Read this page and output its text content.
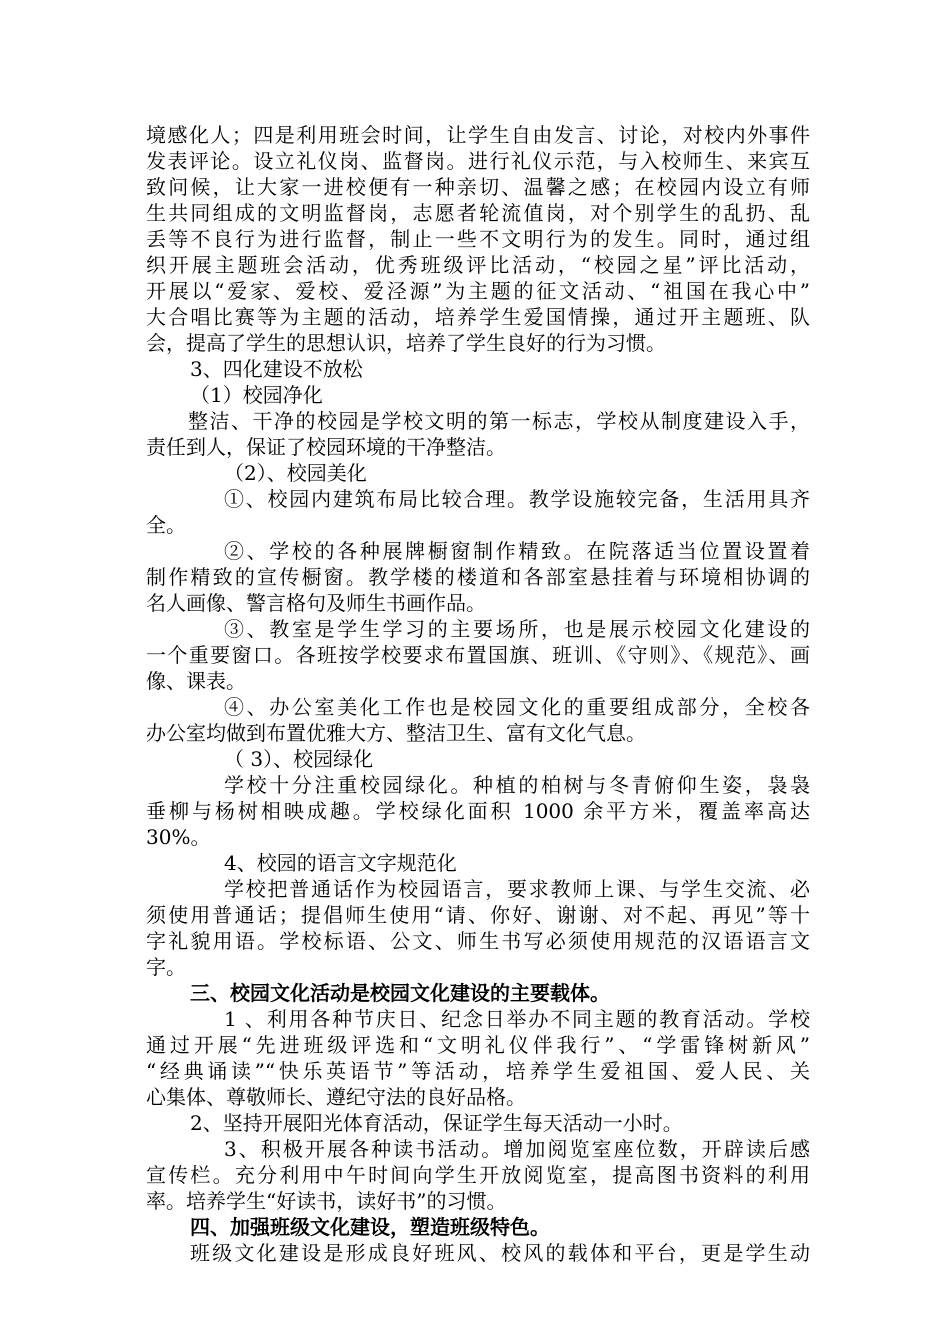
境感化人；四是利用班会时间，让学生自由发言、讨论，对校内外事件
发表评论。设立礼仪岗、监督岗。进行礼仪示范，与入校师生、来宾互
致问候，让大家一进校便有一种亲切、温馨之感；在校园内设立有师
生共同组成的文明监督岗，志愿者轮流值岗，对个别学生的乱扔、乱
丢等不良行为进行监督，制止一些不文明行为的发生。同时，通过组
织开展主题班会活动，优秀班级评比活动，“校园之星”评比活动，
开展以“爱家、爱校、爱泾源”为主题的征文活动、“祖国在我心中”
大合唱比赛等为主题的活动，培养学生爱国情操，通过开主题班、队
会，提高了学生的思想认识，培养了学生良好的行为习惯。
3、四化建设不放松
（1）校园净化
整洁、干净的校园是学校文明的第一标志，学校从制度建设入手，
责任到人，保证了校园环境的干净整洁。
（2）、校园美化
①、校园内建筑布局比较合理。教学设施较完备，生活用具齐
全。
②、学校的各种展牌橱窗制作精致。在院落适当位置设置着
制作精致的宣传橱窗。教学楼的楼道和各部室悬挂着与环境相协调的
名人画像、警言格句及师生书画作品。
③、教室是学生学习的主要场所，也是展示校园文化建设的
一个重要窗口。各班按学校要求布置国旗、班训、《守则》、《规范》、画
像、课表。
④、办公室美化工作也是校园文化的重要组成部分，全校各
办公室均做到布置优雅大方、整洁卫生、富有文化气息。
（ 3）、校园绿化
学校十分注重校园绿化。种植的柏树与冬青俯仰生姿，袅袅
垂柳与杨树相映成趣。学校绿化面积 1000 余平方米，覆盖率高达
30%。
4、校园的语言文字规范化
学校把普通话作为校园语言，要求教师上课、与学生交流、必
须使用普通话；提倡师生使用“请、你好、谢谢、对不起、再见”等十
字礼貌用语。学校标语、公文、师生书写必须使用规范的汉语语言文
字。
三、校园文化活动是校园文化建设的主要载体。
1 、利用各种节庆日、纪念日举办不同主题的教育活动。学校
通过开展“先进班级评选和“文明礼仪伴我行”、“学雷锋树新风”
“经典诵读”“快乐英语节”等活动，培养学生爱祖国、爱人民、关
心集体、尊敬师长、遵纪守法的良好品格。
2、坚持开展阳光体育活动，保证学生每天活动一小时。
3、积极开展各种读书活动。增加阅览室座位数，开辟读后感
宣传栏。充分利用中午时间向学生开放阅览室，提高图书资料的利用
率。培养学生“好读书，读好书”的习惯。
四、加强班级文化建设，塑造班级特色。
班级文化建设是形成良好班风、校风的载体和平台，更是学生动
